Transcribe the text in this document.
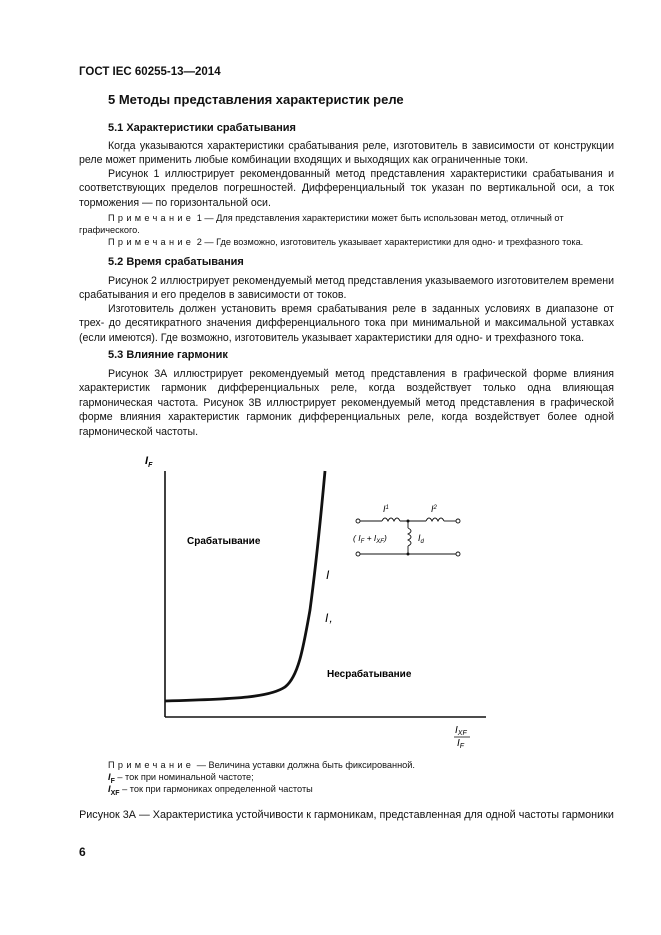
ГОСТ IEC 60255-13—2014
5 Методы представления характеристик реле
5.1 Характеристики срабатывания
Когда указываются характеристики срабатывания реле, изготовитель в зависимости от конструкции реле может применить любые комбинации входящих и выходящих как ограниченные токи.
Рисунок 1 иллюстрирует рекомендованный метод представления характеристики срабатывания и соответствующих пределов погрешностей. Дифференциальный ток указан по вертикальной оси, а ток торможения — по горизонтальной оси.
Примечание 1 — Для представления характеристики может быть использован метод, отличный от графического.
Примечание 2 — Где возможно, изготовитель указывает характеристики для одно- и трехфазного тока.
5.2 Время срабатывания
Рисунок 2 иллюстрирует рекомендуемый метод представления указываемого изготовителем времени срабатывания и его пределов в зависимости от токов.
Изготовитель должен установить время срабатывания реле в заданных условиях в диапазоне от трех- до десятикратного значения дифференциального тока при минимальной и максимальной уставках (если имеются). Где возможно, изготовитель указывает характеристики для одно- и трехфазного тока.
5.3 Влияние гармоник
Рисунок 3А иллюстрирует рекомендуемый метод представления в графической форме влияния характеристик гармоник дифференциальных реле, когда воздействует только одна влияющая гармоническая частота. Рисунок 3В иллюстрирует рекомендуемый метод представления в графической форме влияния характеристик гармоник дифференциальных реле, когда воздействует более одной гармонической частоты.
$I_F$
$I_{XF}$
$I_F$
Срабатывание
Несрабатывание
I
I,
$I^1$	$I^2$
$I_d$
( $I_F + I_{XF}$)
Примечание — Величина уставки должна быть фиксированной.
$I_F$ – ток при номинальной частоте;
$I_{XF}$ – ток при гармониках определенной частоты
Рисунок 3А — Характеристика устойчивости к гармоникам, представленная для одной частоты гармоники
6
